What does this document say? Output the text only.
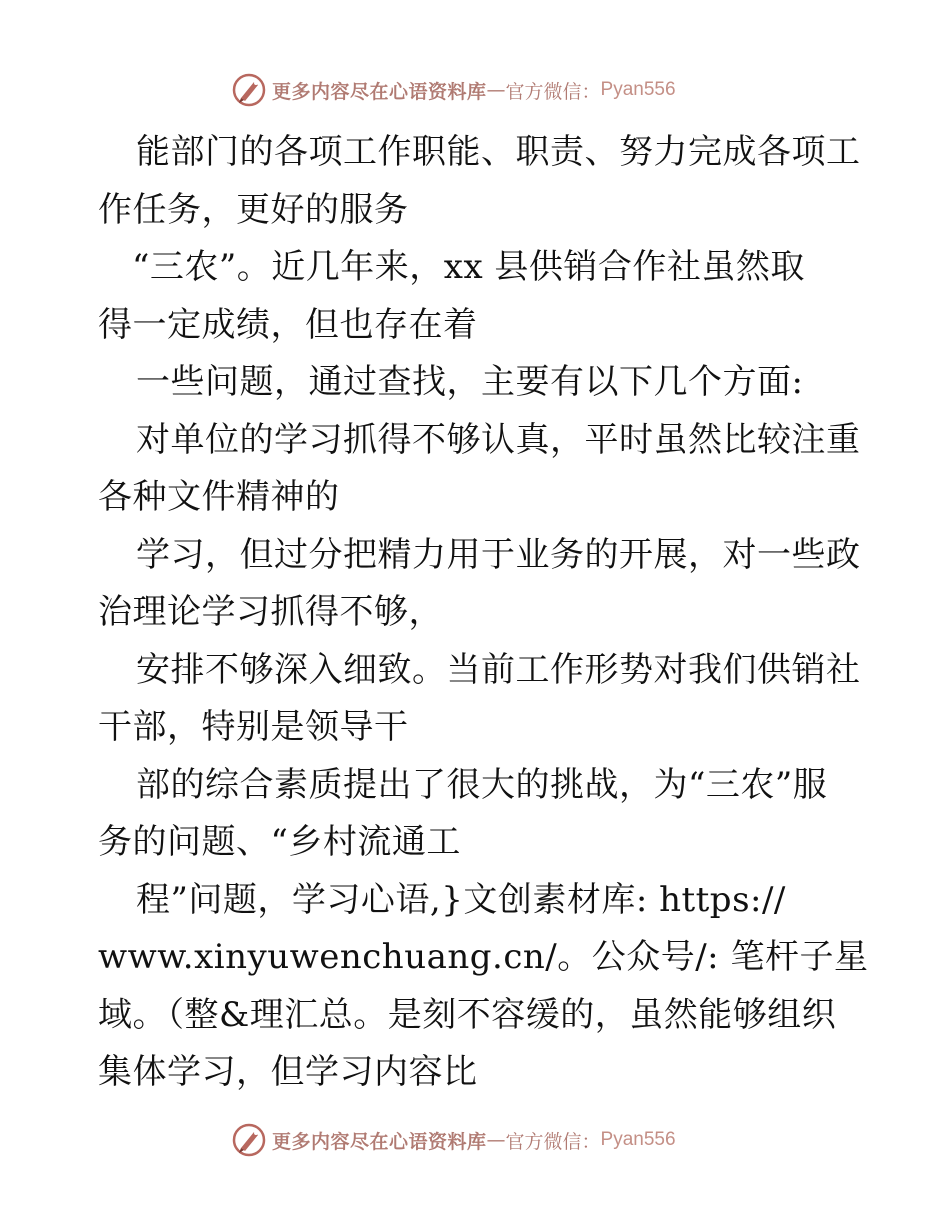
更多内容尽在心语资料库 — 官方微信： Pyan556
能部门的各项工作职能、职责、努力完成各项工
作任务，更好的服务
“三农”。近几年来，xx 县供销合作社虽然取
得一定成绩，但也存在着
一些问题，通过查找，主要有以下几个方面:
对单位的学习抓得不够认真，平时虽然比较注重
各种文件精神的
学习，但过分把精力用于业务的开展，对一些政
治理论学习抓得不够，
安排不够深入细致。当前工作形势对我们供销社
干部，特别是领导干
部的综合素质提出了很大的挑战，为“三农”服
务的问题、“乡村流通工
程”问题，学习心语,}文创素材库: https://
www.xinyuwenchuang.cn/。公众号/: 笔杆子星
域。（整&理汇总。是刻不容缓的，虽然能够组织
集体学习，但学习内容比
更多内容尽在心语资料库 — 官方微信： Pyan556
